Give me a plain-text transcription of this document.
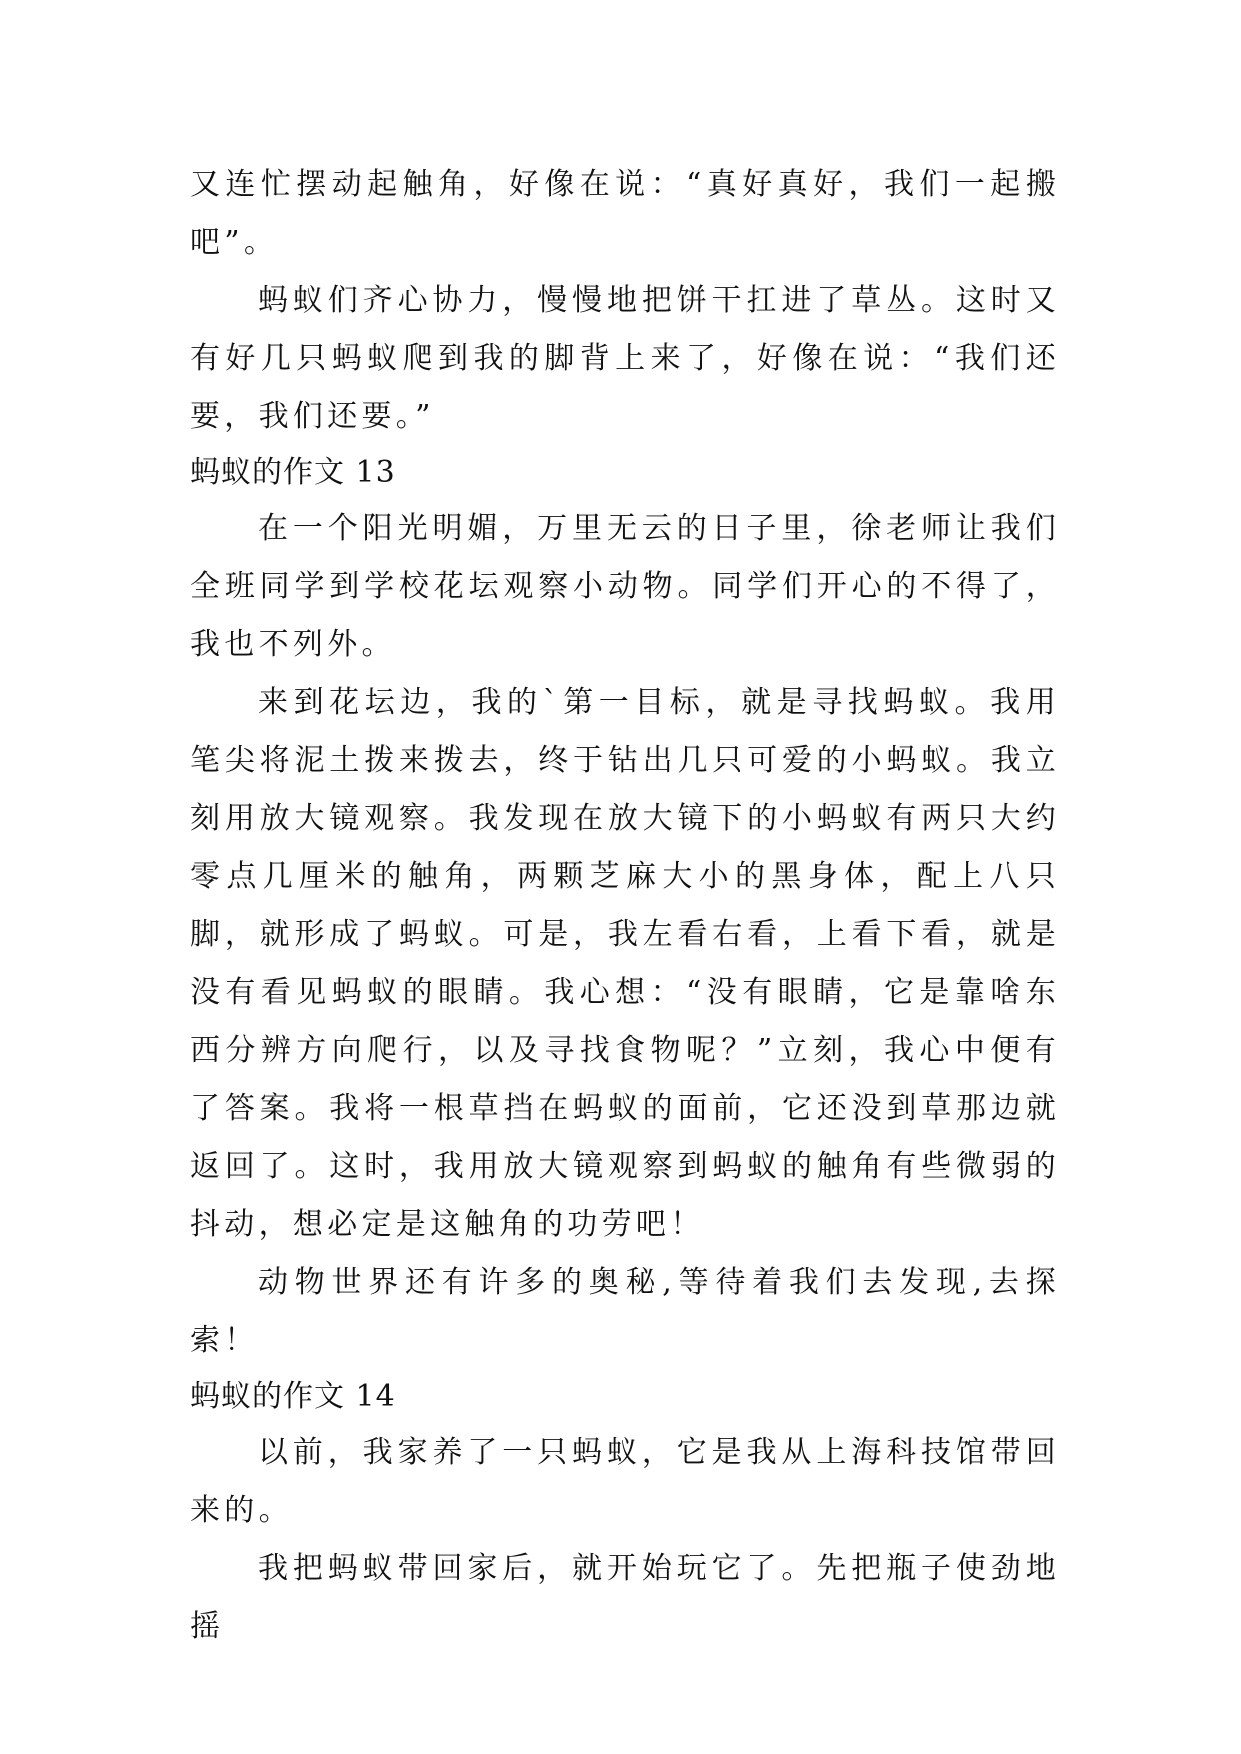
又连忙摆动起触角，好像在说：“真好真好，我们一起搬吧”。

蚂蚁们齐心协力，慢慢地把饼干扛进了草丛。这时又有好几只蚂蚁爬到我的脚背上来了，好像在说：“我们还要，我们还要。”

蚂蚁的作文 13

在一个阳光明媚，万里无云的日子里，徐老师让我们全班同学到学校花坛观察小动物。同学们开心的不得了，我也不列外。

来到花坛边，我的`第一目标，就是寻找蚂蚁。我用笔尖将泥土拨来拨去，终于钻出几只可爱的小蚂蚁。我立刻用放大镜观察。我发现在放大镜下的小蚂蚁有两只大约零点几厘米的触角，两颗芝麻大小的黑身体，配上八只脚，就形成了蚂蚁。可是，我左看右看，上看下看，就是没有看见蚂蚁的眼睛。我心想：“没有眼睛，它是靠啥东西分辨方向爬行，以及寻找食物呢？”立刻，我心中便有了答案。我将一根草挡在蚂蚁的面前，它还没到草那边就返回了。这时，我用放大镜观察到蚂蚁的触角有些微弱的抖动，想必定是这触角的功劳吧！

动物世界还有许多的奥秘,等待着我们去发现,去探索！

蚂蚁的作文 14

以前，我家养了一只蚂蚁，它是我从上海科技馆带回来的。

我把蚂蚁带回家后，就开始玩它了。先把瓶子使劲地摇
